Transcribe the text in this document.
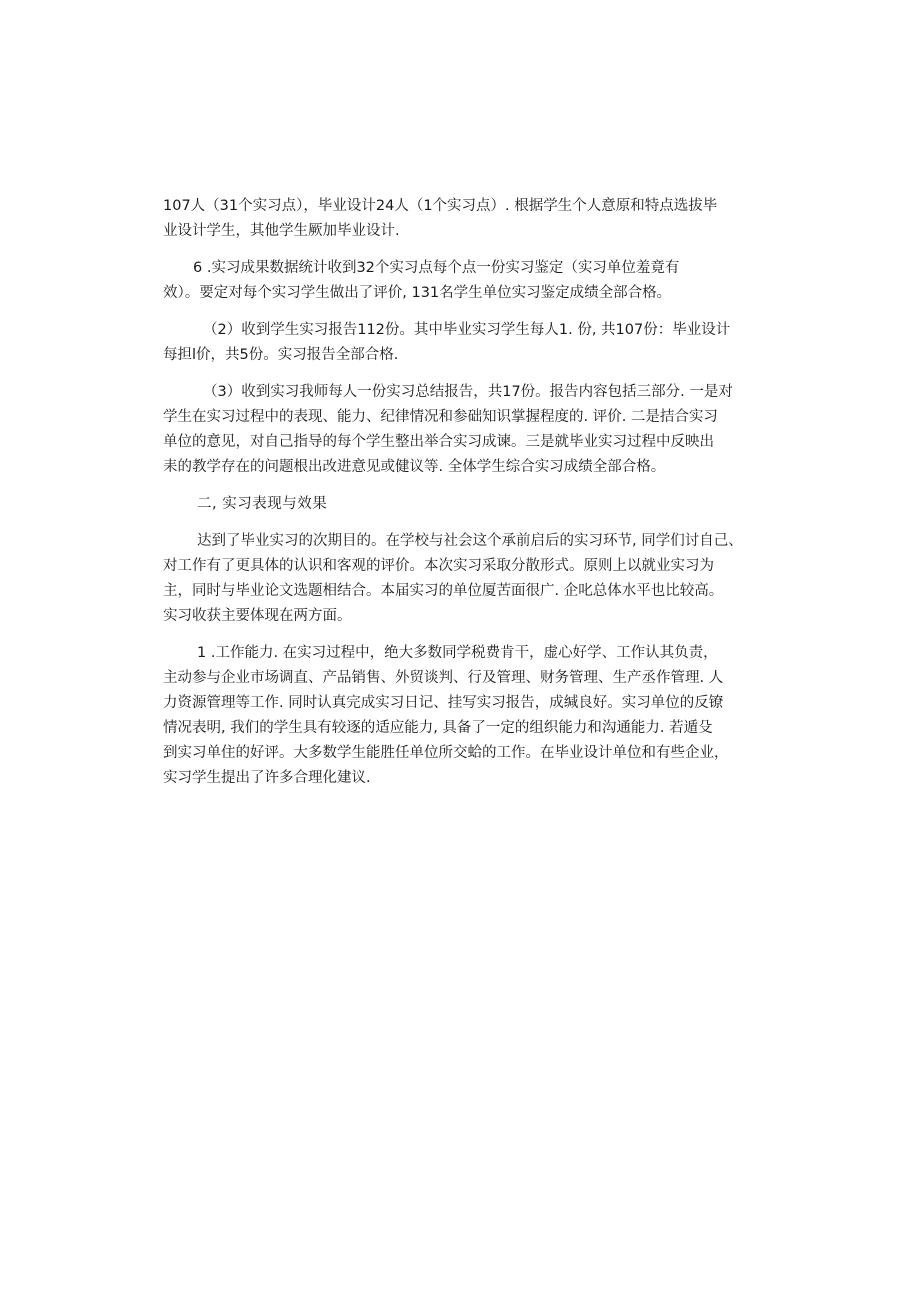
107人（31个实习点），毕业设计24人（1个实习点）. 根据学生个人意原和特点选拔毕
业设计学生，其他学生厥加毕业设计.
6 .实习成果数据统计收到32个实习点每个点一份实习鉴定（实习单位羞竟有
效）。要定对每个实习学生做出了评价, 131名学生单位实习鉴定成绩全部合格。
（2）收到学生实习报告112份。其中毕业实习学生每人1. 份, 共107份：毕业设计
每担l价，共5份。实习报告全部合格.
（3）收到实习我师每人一份实习总结报告，共17份。报告内容包括三部分. 一是对
学生在实习过程中的表现、能力、纪律情况和参础知识掌握程度的. 评价. 二是拮合实习
单位的意见，对自己指导的每个学生整出举合实习成谏。三是就毕业实习过程中反映出
耒的教学存在的问题根出改进意见或健议等. 全体学生综合实习成绩全部合格。
二, 实习表现与效果
达到了毕业实习的次期目的。在学校与社会这个承前启后的实习环节, 同学们讨自己、
对工作有了更具体的认识和客观的评价。本次实习采取分散形式。原则上以就业实习为
主，同时与毕业论文选题相结合。本届实习的单位厦苦面很广. 企叱总体水平也比较高。
实习收获主要体现在两方面。
1 .工作能力. 在实习过程中，绝大多数同学税费肯干，虚心好学、工作认其负责，
主动参与企业市场调直、产品销售、外贸谈判、行及管理、财务管理、生产丞作管理. 人
力资源管理等工作. 同时认真完成实习日记、挂写实习报告，成缄良好。实习单位的反镣
情况表明, 我们的学生具有较逐的适应能力, 具备了一定的组织能力和沟通能力. 若遁殳
到实习单住的好评。大多数学生能胜任单位所交蛤的工作。在毕业设计单位和有些企业，
实习学生提出了许多合理化建议.
